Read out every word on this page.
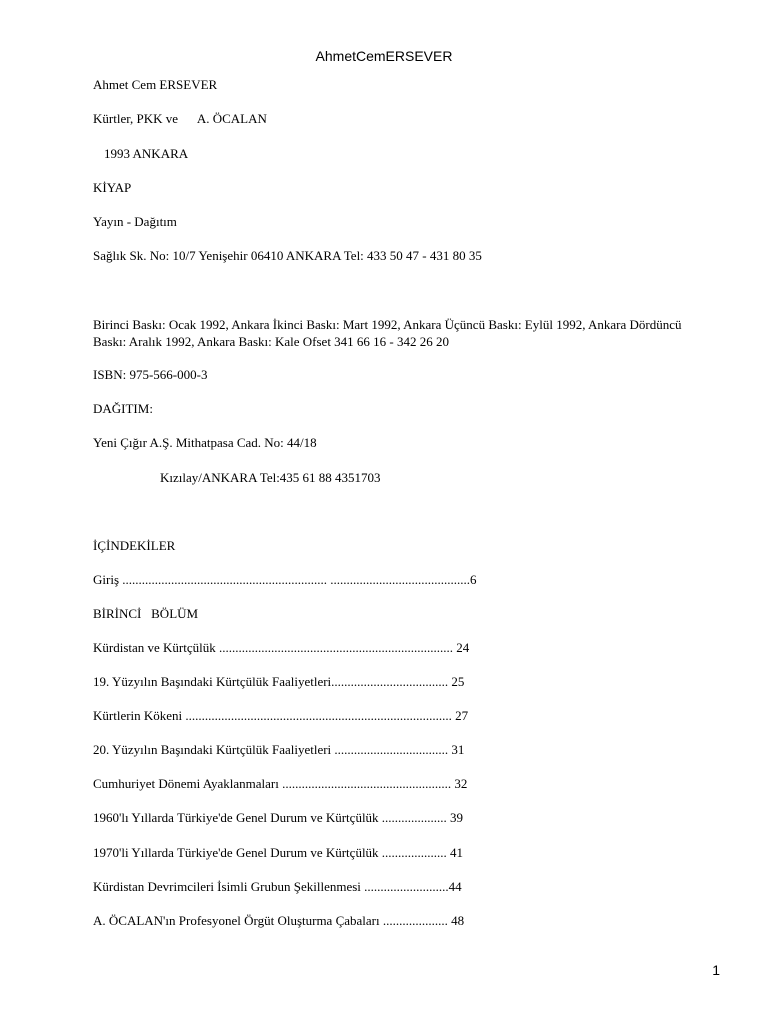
AhmetCemERSEVER
Ahmet Cem ERSEVER
Kürtler, PKK ve      A. ÖCALAN
1993 ANKARA
KİYAP
Yayın - Dağıtım
Sağlık Sk. No: 10/7 Yenişehir 06410 ANKARA Tel: 433 50 47 - 431 80 35
Birinci Baskı: Ocak 1992, Ankara İkinci Baskı: Mart 1992, Ankara Üçüncü Baskı: Eylül 1992, Ankara Dördüncü Baskı: Aralık 1992, Ankara Baskı: Kale Ofset 341 66 16 - 342 26 20
ISBN: 975-566-000-3
DAĞITIM:
Yeni Çığır A.Ş. Mithatpasa Cad. No: 44/18
Kızılay/ANKARA Tel:435 61 88 4351703
İÇİNDEKİLER
Giriş ............................................................... ...........................................6
BİRİNCİ   BÖLÜM
Kürdistan ve Kürtçülük ........................................................................ 24
19. Yüzyılın Başındaki Kürtçülük Faaliyetleri.................................... 25
Kürtlerin Kökeni .................................................................................. 27
20. Yüzyılın Başındaki Kürtçülük Faaliyetleri ................................... 31
Cumhuriyet Dönemi Ayaklanmaları .................................................... 32
1960'lı Yıllarda Türkiye'de Genel Durum ve Kürtçülük .................... 39
1970'li Yıllarda Türkiye'de Genel Durum ve Kürtçülük .................... 41
Kürdistan Devrimcileri İsimli Grubun Şekillenmesi ..........................44
A. ÖCALAN'ın Profesyonel Örgüt Oluşturma Çabaları .................... 48
1
